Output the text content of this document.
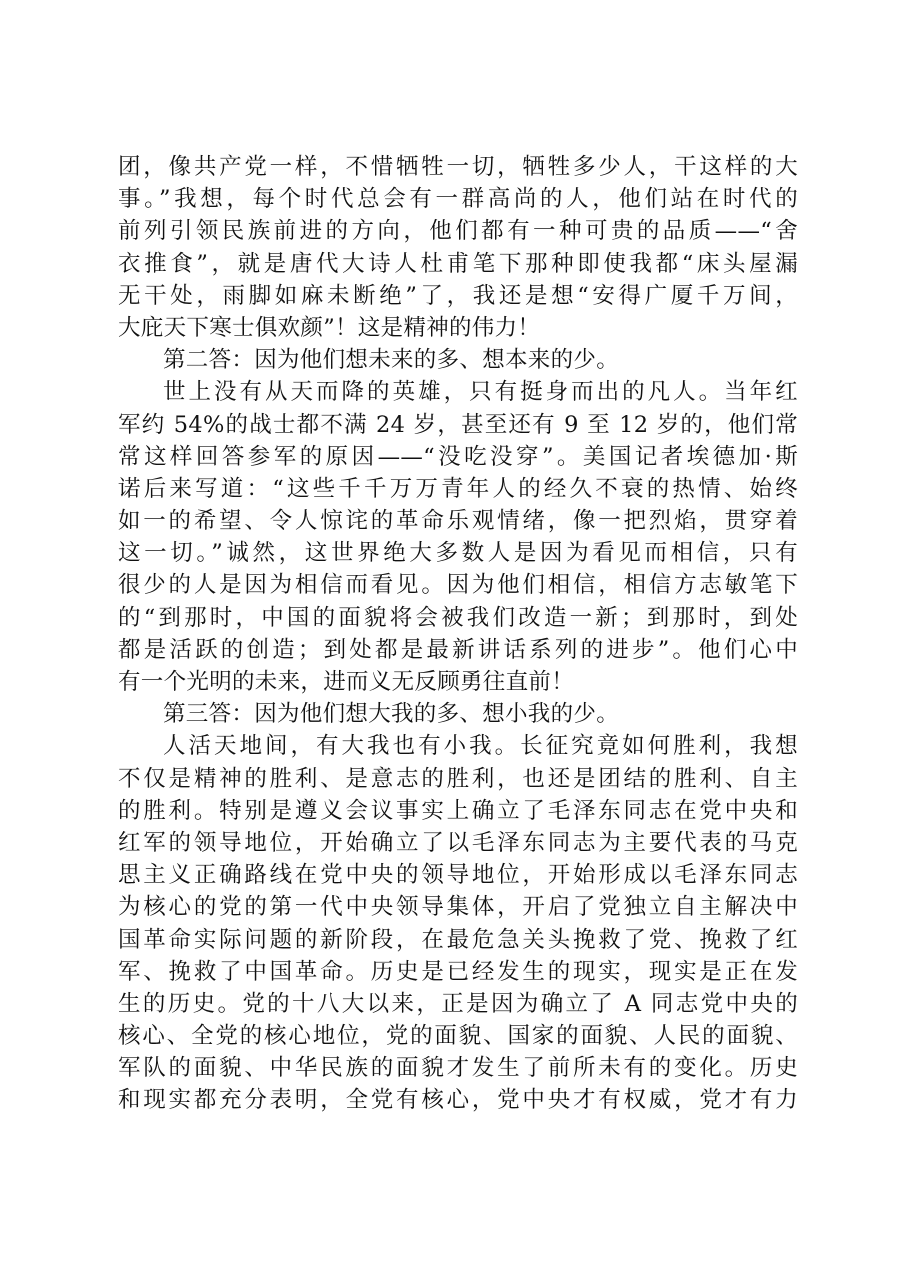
团，像共产党一样，不惜牺牲一切，牺牲多少人，干这样的大
事。”我想，每个时代总会有一群高尚的人，他们站在时代的
前列引领民族前进的方向，他们都有一种可贵的品质——“舍
衣推食”，就是唐代大诗人杜甫笔下那种即使我都“床头屋漏
无干处，雨脚如麻未断绝”了，我还是想“安得广厦千万间，
大庇天下寒士俱欢颜”！这是精神的伟力！
第二答：因为他们想未来的多、想本来的少。
世上没有从天而降的英雄，只有挺身而出的凡人。当年红
军约 54%的战士都不满 24 岁，甚至还有 9 至 12 岁的，他们常
常这样回答参军的原因——“没吃没穿”。美国记者埃德加·斯
诺后来写道：“这些千千万万青年人的经久不衰的热情、始终
如一的希望、令人惊诧的革命乐观情绪，像一把烈焰，贯穿着
这一切。”诚然，这世界绝大多数人是因为看见而相信，只有
很少的人是因为相信而看见。因为他们相信，相信方志敏笔下
的“到那时，中国的面貌将会被我们改造一新；到那时，到处
都是活跃的创造；到处都是最新讲话系列的进步”。他们心中
有一个光明的未来，进而义无反顾勇往直前！
第三答：因为他们想大我的多、想小我的少。
人活天地间，有大我也有小我。长征究竟如何胜利，我想
不仅是精神的胜利、是意志的胜利，也还是团结的胜利、自主
的胜利。特别是遵义会议事实上确立了毛泽东同志在党中央和
红军的领导地位，开始确立了以毛泽东同志为主要代表的马克
思主义正确路线在党中央的领导地位，开始形成以毛泽东同志
为核心的党的第一代中央领导集体，开启了党独立自主解决中
国革命实际问题的新阶段，在最危急关头挽救了党、挽救了红
军、挽救了中国革命。历史是已经发生的现实，现实是正在发
生的历史。党的十八大以来，正是因为确立了 A 同志党中央的
核心、全党的核心地位，党的面貌、国家的面貌、人民的面貌、
军队的面貌、中华民族的面貌才发生了前所未有的变化。历史
和现实都充分表明，全党有核心，党中央才有权威，党才有力
